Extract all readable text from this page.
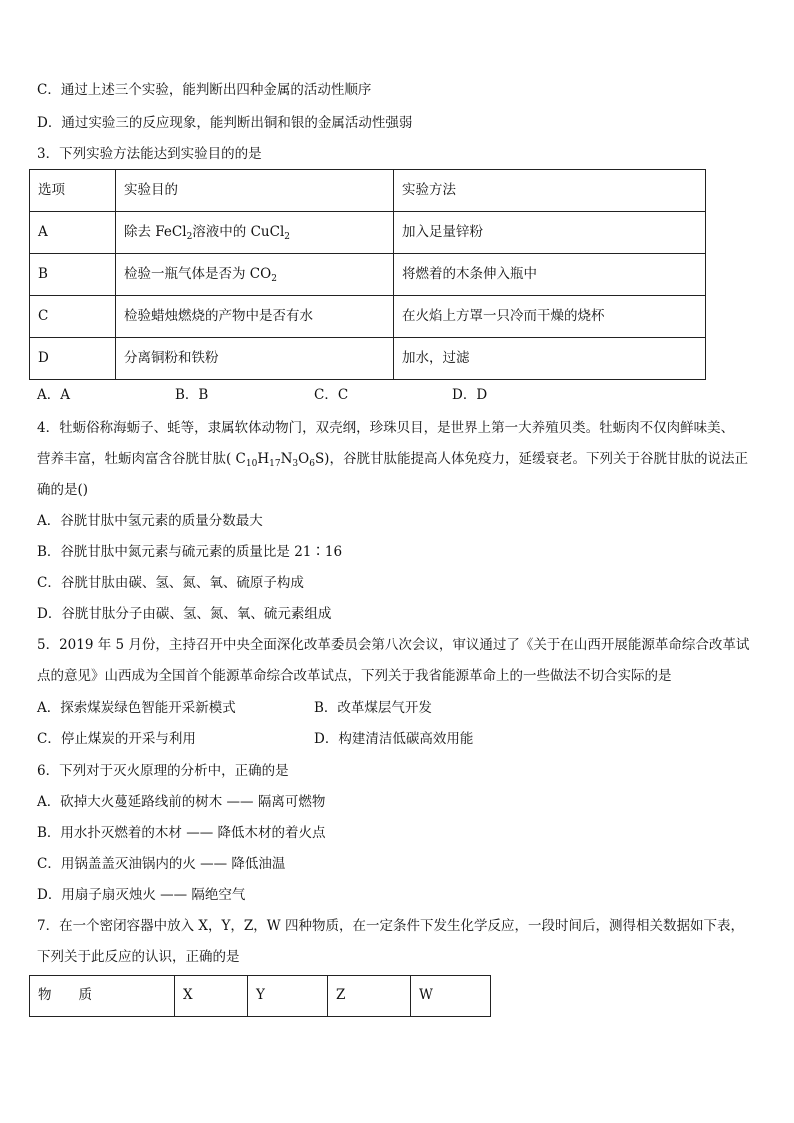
C．通过上述三个实验，能判断出四种金属的活动性顺序
D．通过实验三的反应现象，能判断出铜和银的金属活动性强弱
3．下列实验方法能达到实验目的的是
选项	实验目的	实验方法
A	除去 FeCl$_2$溶液中的 CuCl$_2$	加入足量锌粉
B	检验一瓶气体是否为 $CO_2$	将燃着的木条伸入瓶中
C	检验蜡烛燃烧的产物中是否有水	在火焰上方罩一只冷而干燥的烧杯
D	分离铜粉和铁粉	加水，过滤
A．A	B．B	C．C	D．D
4．牡蛎俗称海蛎子、蚝等，隶属软体动物门，双壳纲，珍珠贝目，是世界上第一大养殖贝类。牡蛎肉不仅肉鲜味美、
营养丰富，牡蛎肉富含谷胱甘肽( $C_{10}H_{17}N_3O_6S$)，谷胱甘肽能提高人体免疫力，延缓衰老。下列关于谷胱甘肽的说法正
确的是()
A．谷胱甘肽中氢元素的质量分数最大
B．谷胱甘肽中氮元素与硫元素的质量比是 21∶16
C．谷胱甘肽由碳、氢、氮、氧、硫原子构成
D．谷胱甘肽分子由碳、氢、氮、氧、硫元素组成
5．2019 年 5 月份，主持召开中央全面深化改革委员会第八次会议，审议通过了《关于在山西开展能源革命综合改革试
点的意见》山西成为全国首个能源革命综合改革试点，下列关于我省能源革命上的一些做法不切合实际的是
A．探索煤炭绿色智能开采新模式	B．改革煤层气开发
C．停止煤炭的开采与利用	D．构建清洁低碳高效用能
6．下列对于灭火原理的分析中，正确的是
A．砍掉大火蔓延路线前的树木 —— 隔离可燃物
B．用水扑灭燃着的木材 —— 降低木材的着火点
C．用锅盖盖灭油锅内的火 —— 降低油温
D．用扇子扇灭烛火 —— 隔绝空气
7．在一个密闭容器中放入 X，Y，Z，W 四种物质，在一定条件下发生化学反应，一段时间后，测得相关数据如下表，
下列关于此反应的认识，正确的是
物　　质	X	Y	Z	W
